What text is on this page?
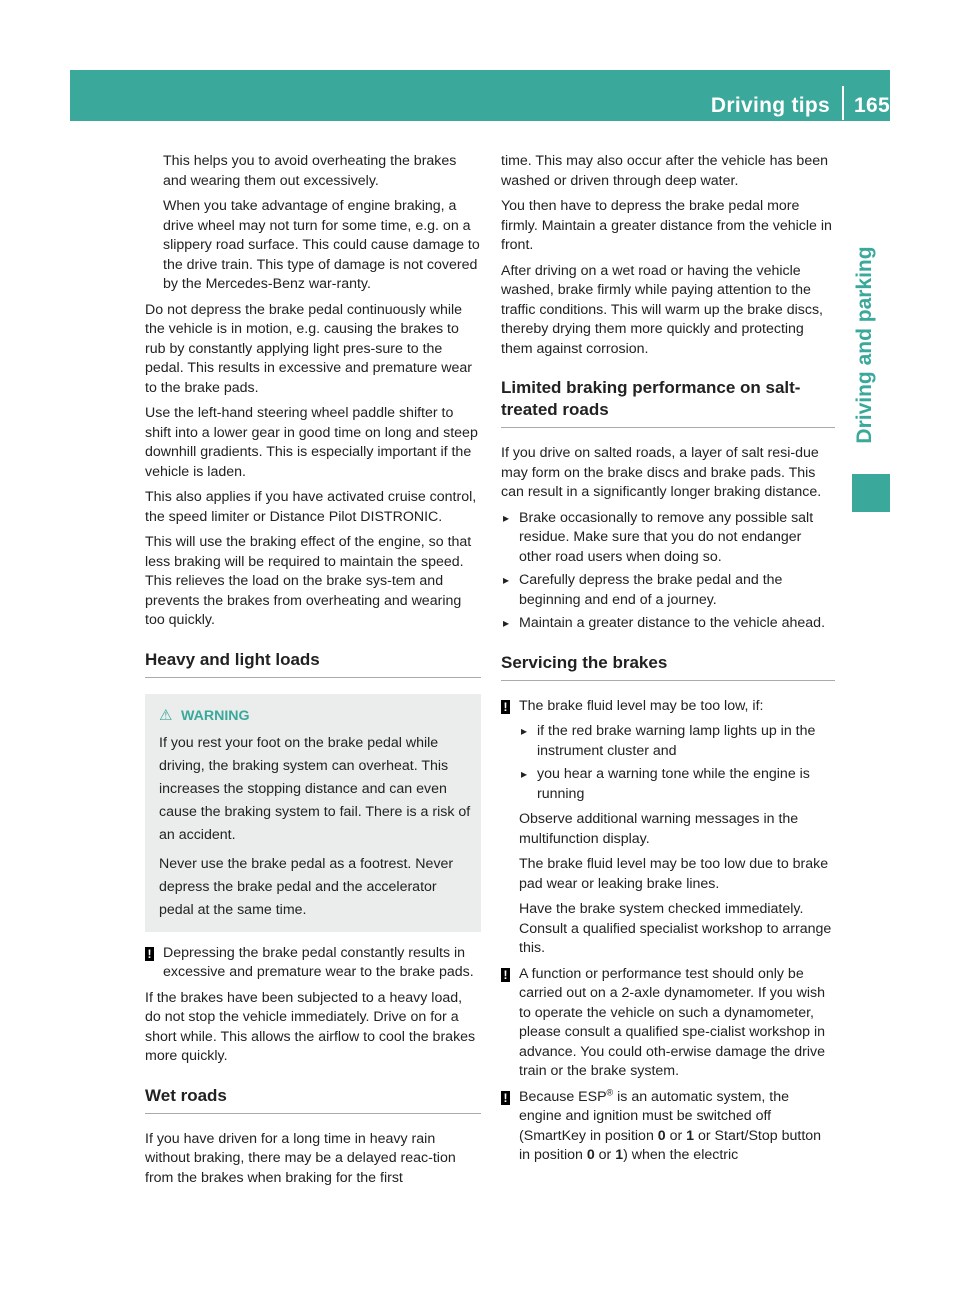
Driving tips 165
Driving and parking

This helps you to avoid overheating the brakes and wearing them out excessively.

When you take advantage of engine braking, a drive wheel may not turn for some time, e.g. on a slippery road surface. This could cause damage to the drive train. This type of damage is not covered by the Mercedes-Benz war-ranty.

Do not depress the brake pedal continuously while the vehicle is in motion, e.g. causing the brakes to rub by constantly applying light pres-sure to the pedal. This results in excessive and premature wear to the brake pads.

Use the left-hand steering wheel paddle shifter to shift into a lower gear in good time on long and steep downhill gradients. This is especially important if the vehicle is laden.

This also applies if you have activated cruise control, the speed limiter or Distance Pilot DISTRONIC.

This will use the braking effect of the engine, so that less braking will be required to maintain the speed. This relieves the load on the brake sys-tem and prevents the brakes from overheating and wearing too quickly.

Heavy and light loads
⚠ WARNING

If you rest your foot on the brake pedal while driving, the braking system can overheat. This increases the stopping distance and can even cause the braking system to fail. There is a risk of an accident.

Never use the brake pedal as a footrest. Never depress the brake pedal and the accelerator pedal at the same time.

! Depressing the brake pedal constantly results in excessive and premature wear to the brake pads.

If the brakes have been subjected to a heavy load, do not stop the vehicle immediately. Drive on for a short while. This allows the airflow to cool the brakes more quickly.

Wet roads

If you have driven for a long time in heavy rain without braking, there may be a delayed reac-tion from the brakes when braking for the first

time. This may also occur after the vehicle has been washed or driven through deep water.

You then have to depress the brake pedal more firmly. Maintain a greater distance from the vehicle in front.

After driving on a wet road or having the vehicle washed, brake firmly while paying attention to the traffic conditions. This will warm up the brake discs, thereby drying them more quickly and protecting them against corrosion.

Limited braking performance on salt-treated roads

If you drive on salted roads, a layer of salt resi-due may form on the brake discs and brake pads. This can result in a significantly longer braking distance.

▸ Brake occasionally to remove any possible salt residue. Make sure that you do not endanger other road users when doing so.
▸ Carefully depress the brake pedal and the beginning and end of a journey.
▸ Maintain a greater distance to the vehicle ahead.
Servicing the brakes
! The brake fluid level may be too low, if:

▸ if the red brake warning lamp lights up in the instrument cluster and
▸ you hear a warning tone while the engine is running

Observe additional warning messages in the multifunction display.

The brake fluid level may be too low due to brake pad wear or leaking brake lines.

Have the brake system checked immediately. Consult a qualified specialist workshop to arrange this.

! A function or performance test should only be carried out on a 2-axle dynamometer. If you wish to operate the vehicle on such a dynamometer, please consult a qualified spe-cialist workshop in advance. You could oth-erwise damage the drive train or the brake system.
! Because ESP® is an automatic system, the engine and ignition must be switched off (SmartKey in position 0 or 1 or Start/Stop button in position 0 or 1) when the electric
